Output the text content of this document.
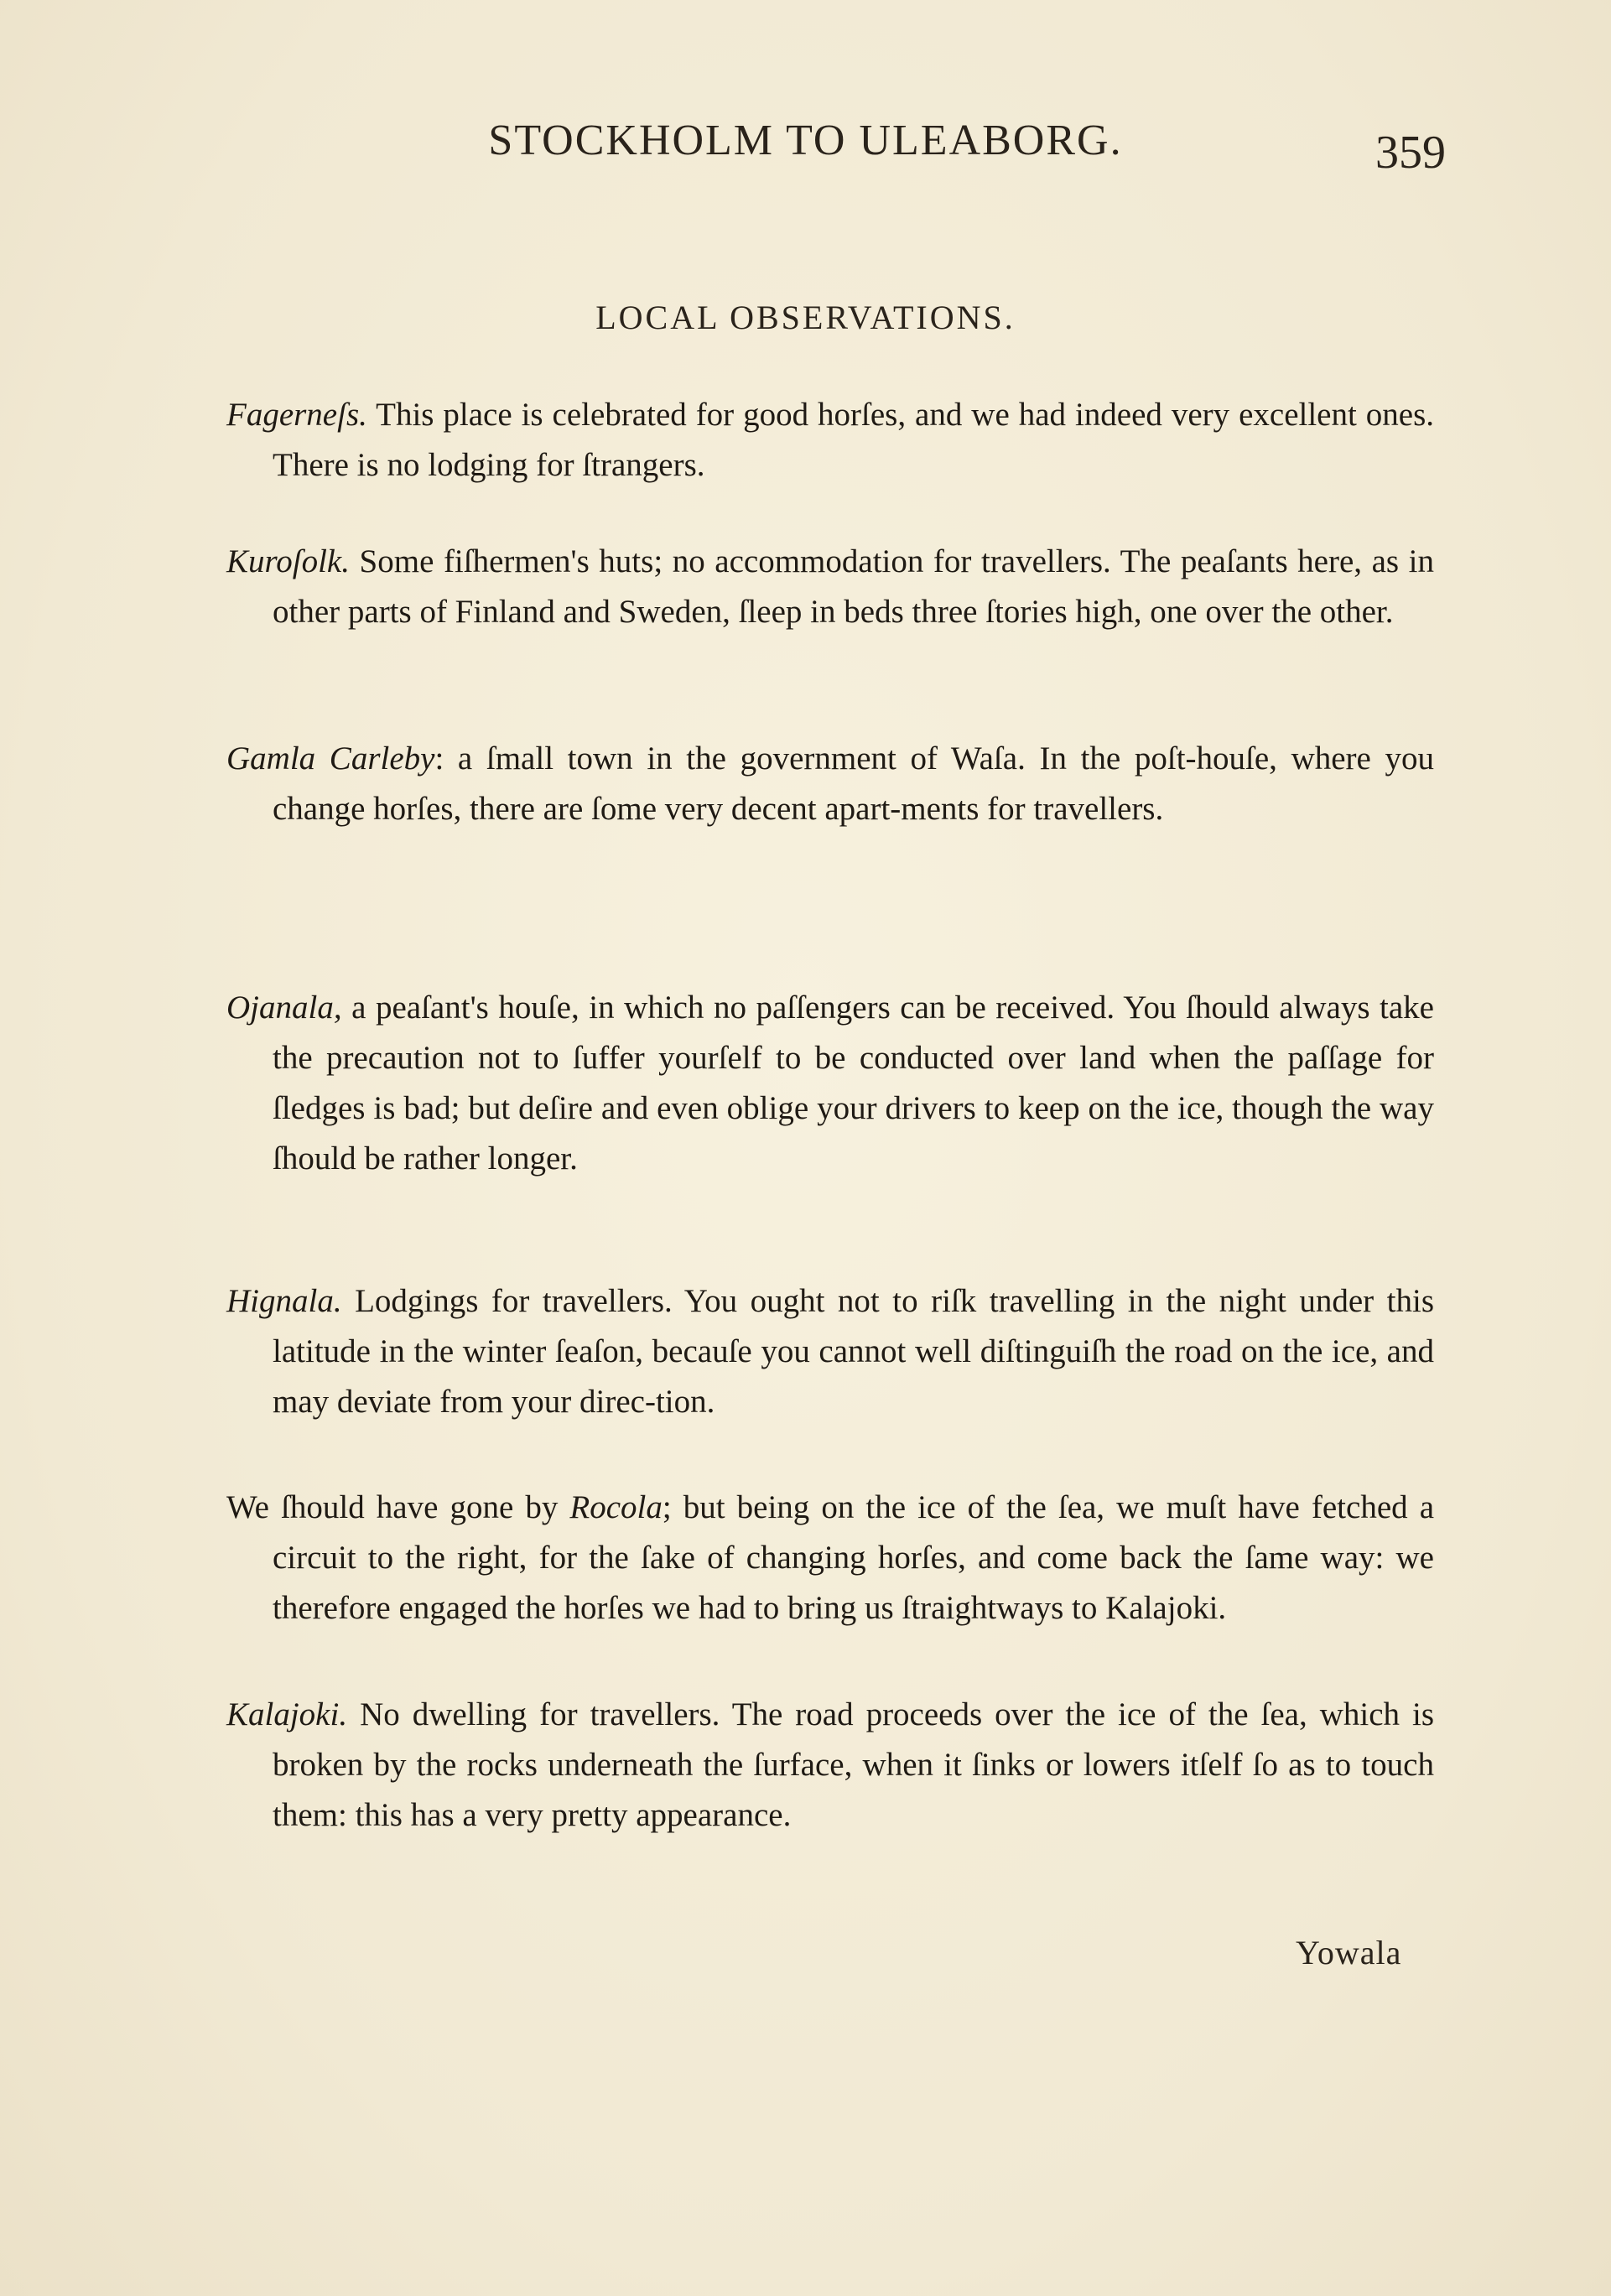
STOCKHOLM TO ULEABORG.	359
LOCAL OBSERVATIONS.
Fagerneſs. This place is celebrated for good horſes, and we had indeed very excellent ones. There is no lodging for ſtrangers.
Kuroſolk. Some fiſhermen's huts; no accommodation for travellers. The peaſants here, as in other parts of Finland and Sweden, ſleep in beds three ſtories high, one over the other.
Gamla Carleby: a ſmall town in the government of Waſa. In the poſt-houſe, where you change horſes, there are ſome very decent apart-ments for travellers.
Ojanala, a peaſant's houſe, in which no paſſengers can be received. You ſhould always take the precaution not to ſuffer yourſelf to be conducted over land when the paſſage for ſledges is bad; but deſire and even oblige your drivers to keep on the ice, though the way ſhould be rather longer.
Hignala. Lodgings for travellers. You ought not to riſk travelling in the night under this latitude in the winter ſeaſon, becauſe you cannot well diſtinguiſh the road on the ice, and may deviate from your direc-tion.
We ſhould have gone by Rocola; but being on the ice of the ſea, we muſt have fetched a circuit to the right, for the ſake of changing horſes, and come back the ſame way: we therefore engaged the horſes we had to bring us ſtraightways to Kalajoki.
Kalajoki. No dwelling for travellers. The road proceeds over the ice of the ſea, which is broken by the rocks underneath the ſurface, when it ſinks or lowers itſelf ſo as to touch them: this has a very pretty appearance.
Yowala
